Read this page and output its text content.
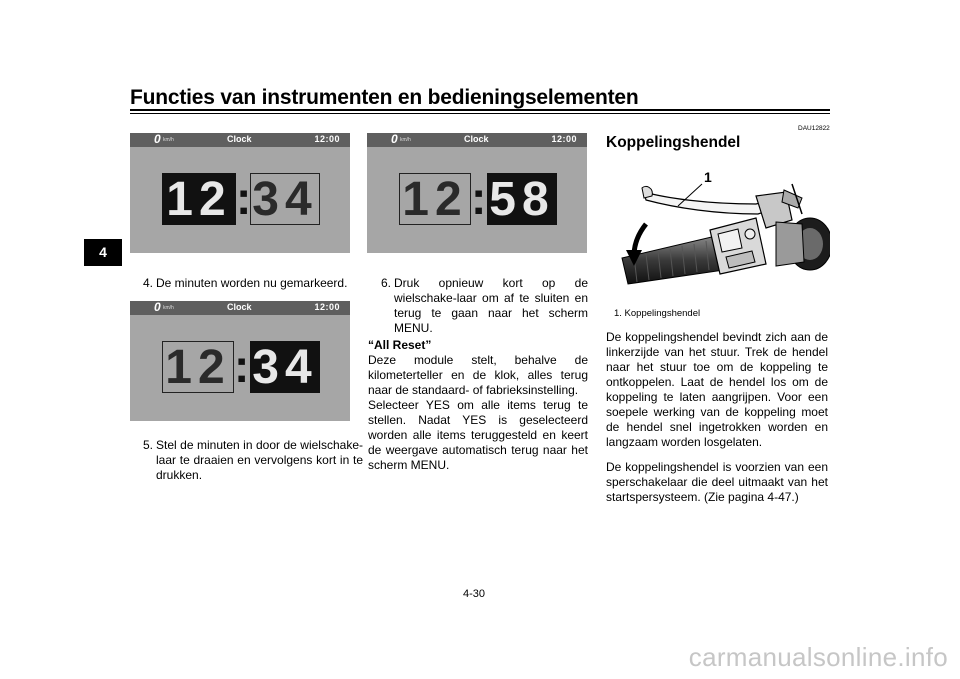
Functies van instrumenten en bedieningselementen
4
0 km/h	Clock	12:00
12 : 34
4. De minuten worden nu gemarkeerd.
0 km/h	Clock	12:00
12 : 34
5. Stel de minuten in door de wielschake-laar te draaien en vervolgens kort in te drukken.
0 km/h	Clock	12:00
12 : 58
6. Druk opnieuw kort op de wielschake-laar om af te sluiten en terug te gaan naar het scherm MENU.
“All Reset”
Deze module stelt, behalve de kilometerteller en de klok, alles terug naar de standaard- of fabrieksinstelling.
Selecteer YES om alle items terug te stellen. Nadat YES is geselecteerd worden alle items teruggesteld en keert de weergave automatisch terug naar het scherm MENU.
DAU12822
Koppelingshendel
1
1. Koppelingshendel
De koppelingshendel bevindt zich aan de linkerzijde van het stuur. Trek de hendel naar het stuur toe om de koppeling te ontkoppelen. Laat de hendel los om de koppeling te laten aangrijpen. Voor een soepele werking van de koppeling moet de hendel snel ingetrokken worden en langzaam worden losgelaten.
De koppelingshendel is voorzien van een sperschakelaar die deel uitmaakt van het startspersysteem. (Zie pagina 4-47.)
4-30
carmanualsonline.info
